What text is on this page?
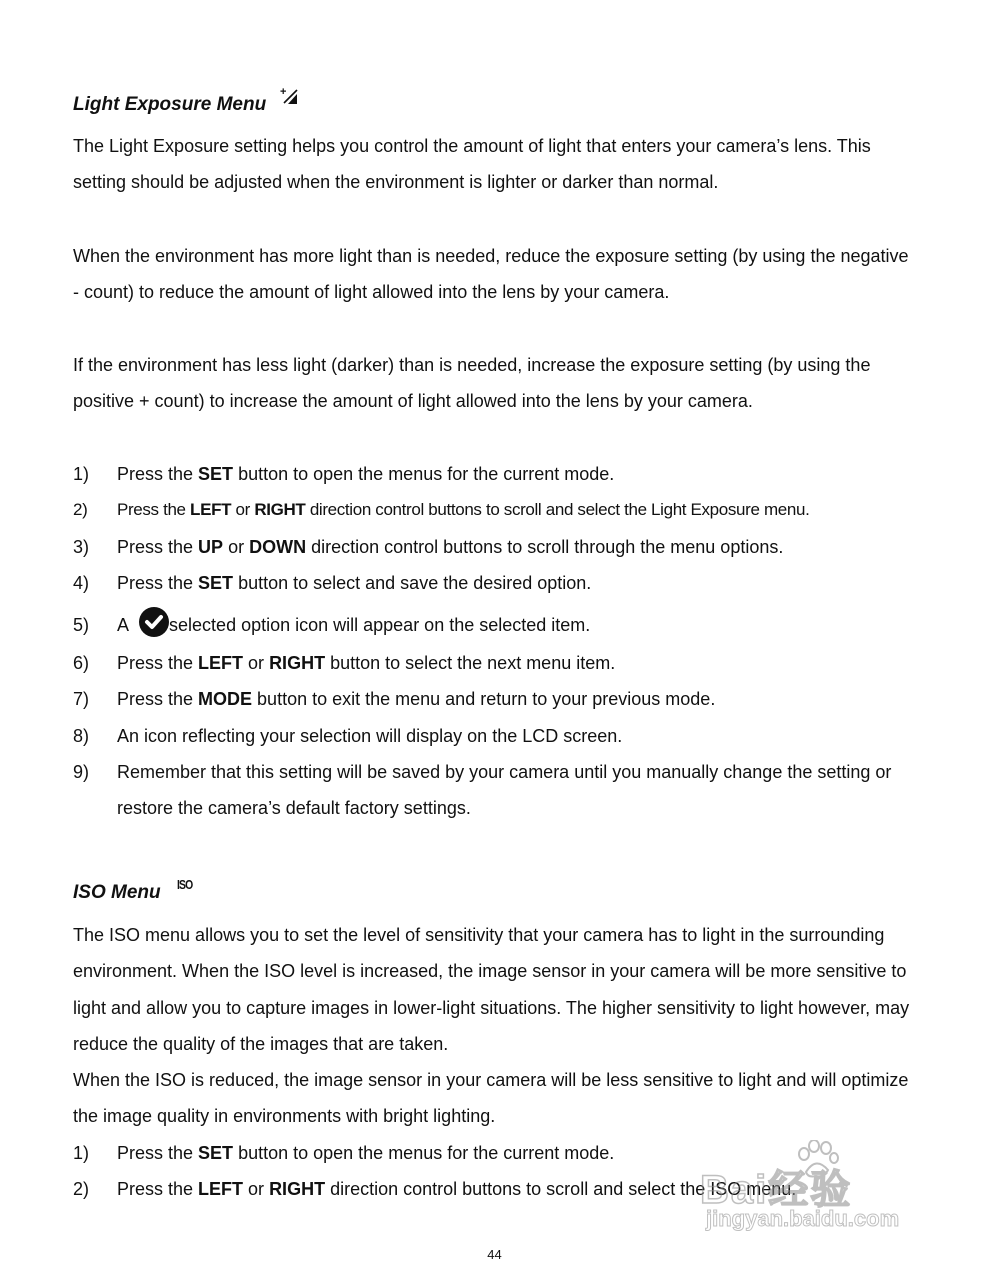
Light Exposure Menu
+

The Light Exposure setting helps you control the amount of light that enters your camera’s lens. This setting should be adjusted when the environment is lighter or darker than normal.

When the environment has more light than is needed, reduce the exposure setting (by using the negative - count) to reduce the amount of light allowed into the lens by your camera.

If the environment has less light (darker) than is needed, increase the exposure setting (by using the positive + count) to increase the amount of light allowed into the lens by your camera.

1) Press the SET button to open the menus for the current mode.
2) Press the LEFT or RIGHT direction control buttons to scroll and select the Light Exposure menu.
3) Press the UP or DOWN direction control buttons to scroll through the menu options.
4) Press the SET button to select and save the desired option.
5) A selected option icon will appear on the selected item.
6) Press the LEFT or RIGHT button to select the next menu item.
7) Press the MODE button to exit the menu and return to your previous mode.
8) An icon reflecting your selection will display on the LCD screen.
9) Remember that this setting will be saved by your camera until you manually change the setting or restore the camera’s default factory settings.
ISO Menu ISO

The ISO menu allows you to set the level of sensitivity that your camera has to light in the surrounding environment. When the ISO level is increased, the image sensor in your camera will be more sensitive to light and allow you to capture images in lower-light situations. The higher sensitivity to light however, may reduce the quality of the images that are taken.

When the ISO is reduced, the image sensor in your camera will be less sensitive to light and will optimize the image quality in environments with bright lighting.

1) Press the SET button to open the menus for the current mode.
2) Press the LEFT or RIGHT direction control buttons to scroll and select the ISO menu.
Bai经验
jingyan.baidu.com
44
